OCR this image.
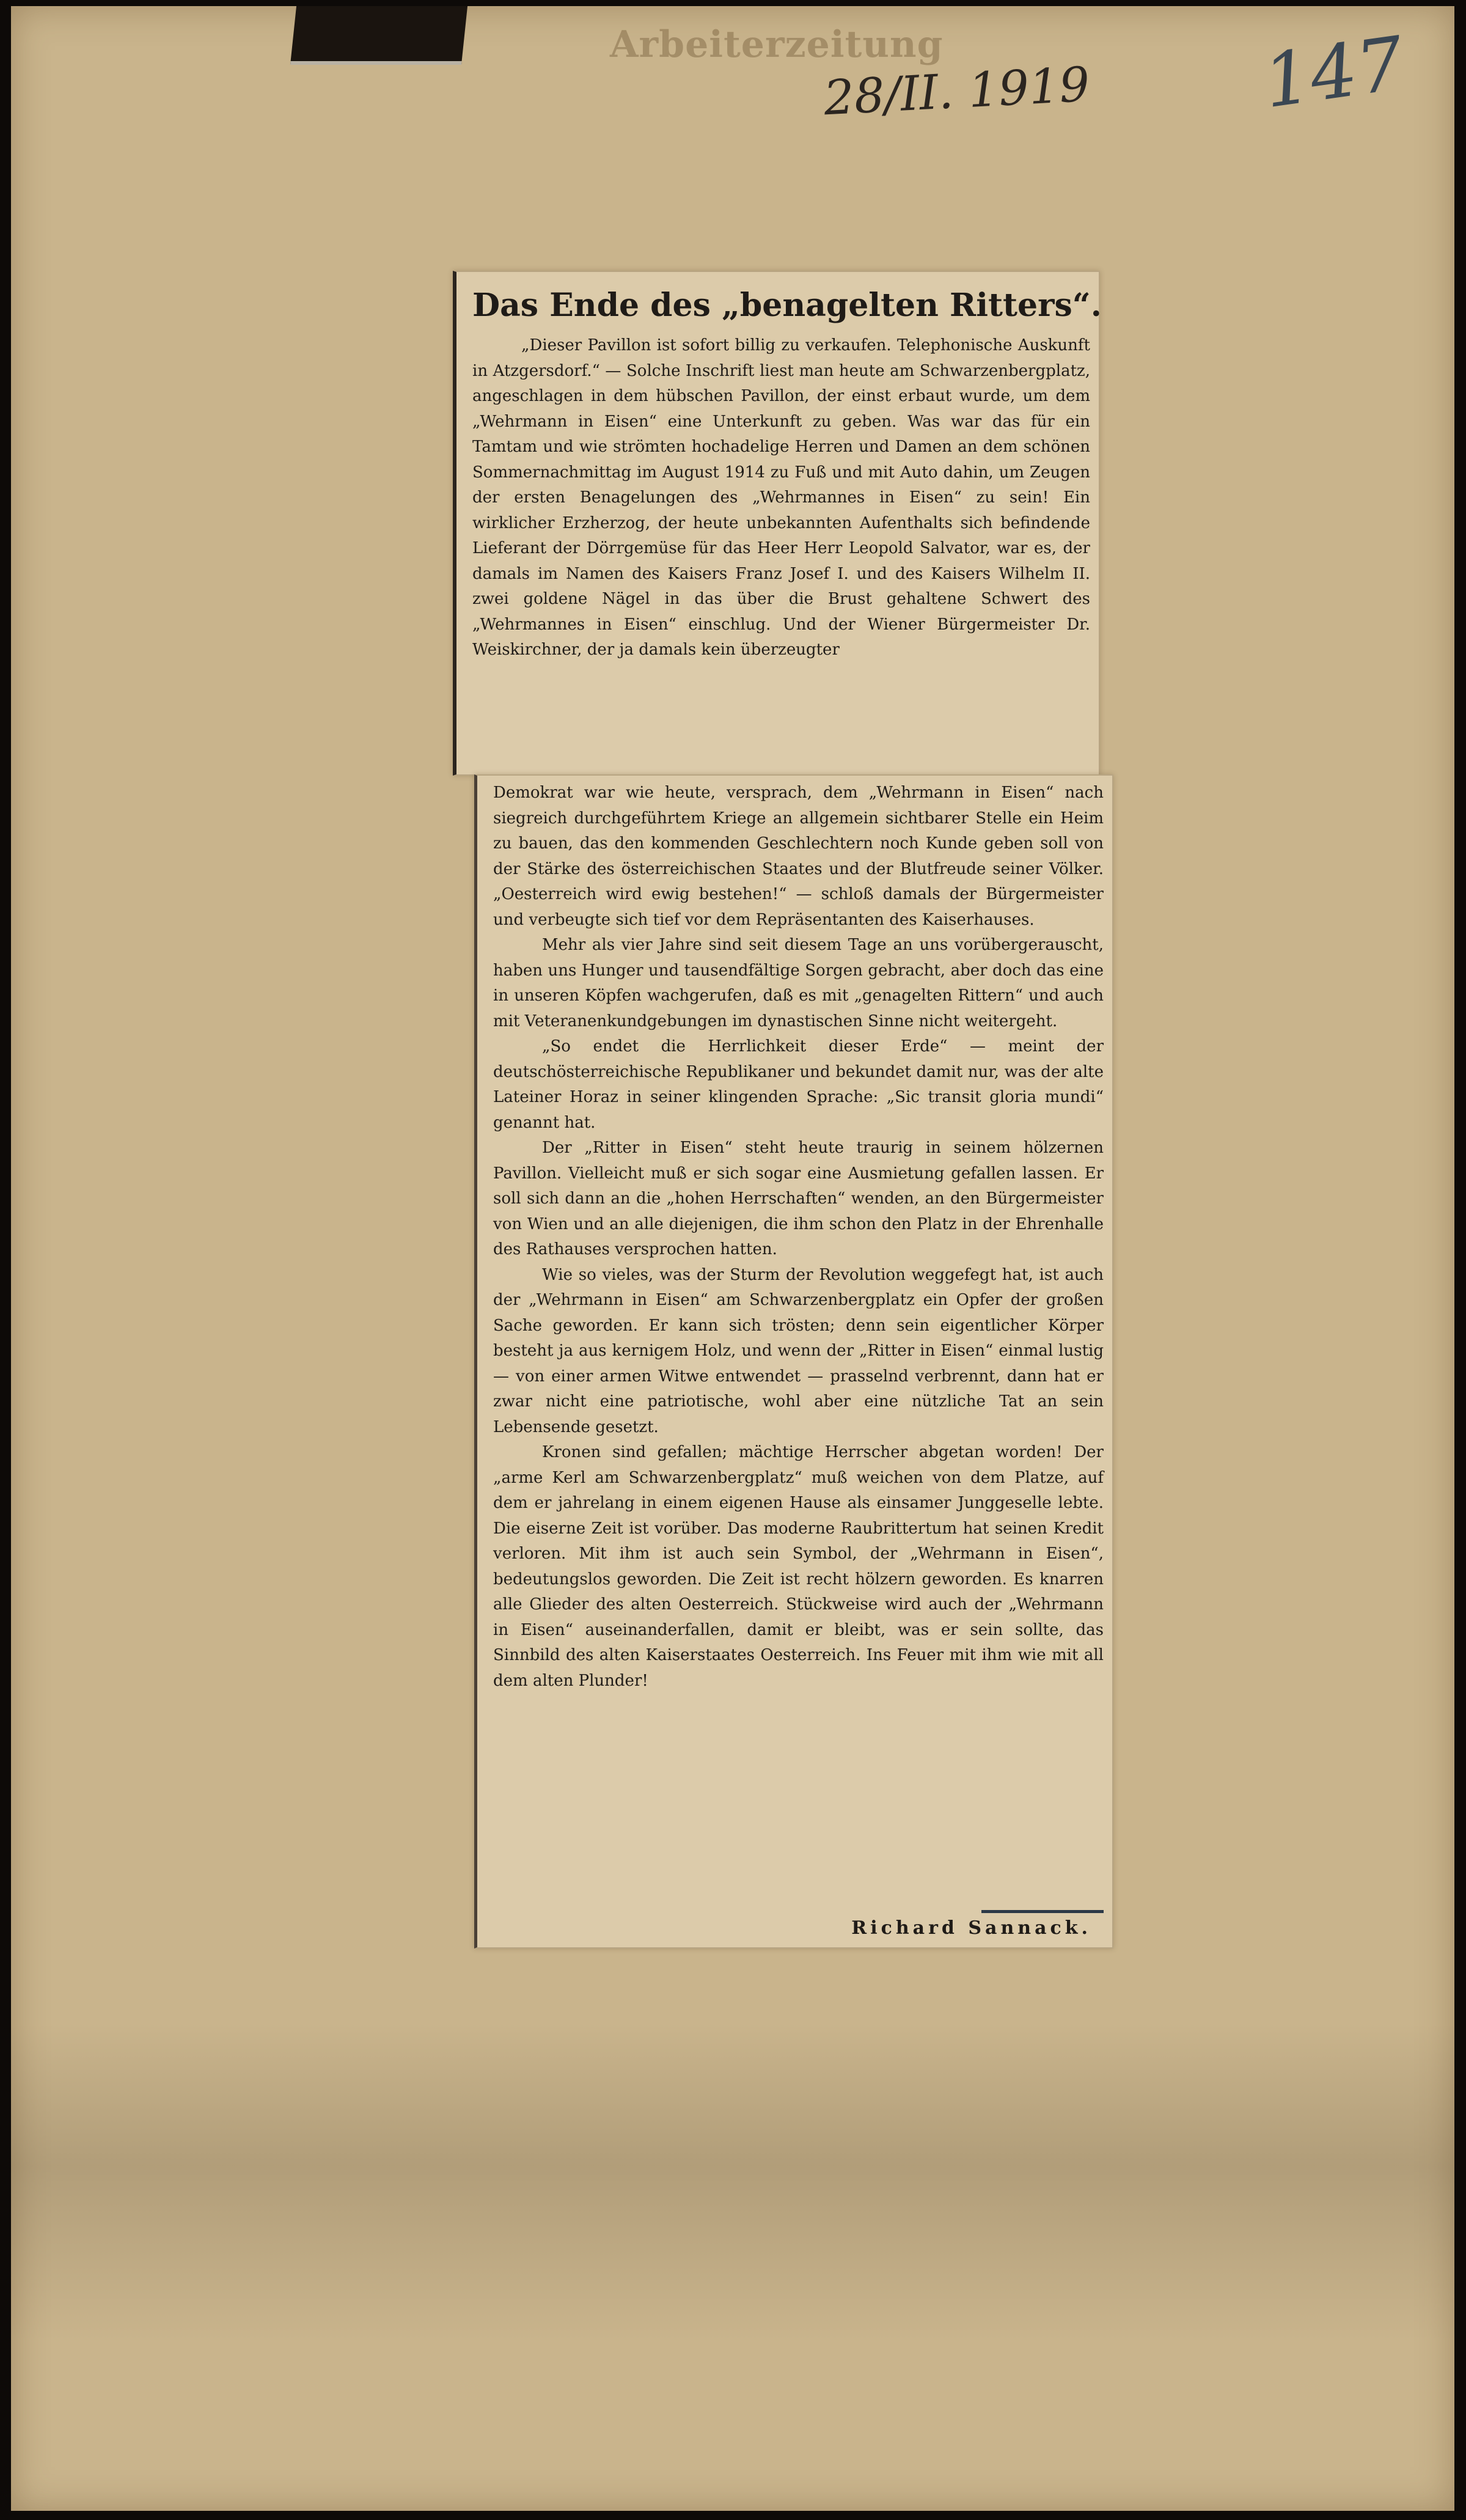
Arbeiterzeitung
28/II. 1919 147
Das Ende des „benagelten Ritters“.

„Dieser Pavillon ist sofort billig zu verkaufen. Telephonische Auskunft in Atzgersdorf.“ — Solche Inschrift liest man heute am Schwarzenbergplatz, angeschlagen in dem hübschen Pavillon, der einst erbaut wurde, um dem „Wehrmann in Eisen“ eine Unterkunft zu geben. Was war das für ein Tamtam und wie strömten hochadelige Herren und Damen an dem schönen Sommernachmittag im August 1914 zu Fuß und mit Auto dahin, um Zeugen der ersten Benagelungen des „Wehrmannes in Eisen“ zu sein! Ein wirklicher Erzherzog, der heute unbekannten Aufenthalts sich befindende Lieferant der Dörrgemüse für das Heer Herr Leopold Salvator, war es, der damals im Namen des Kaisers Franz Josef I. und des Kaisers Wilhelm II. zwei goldene Nägel in das über die Brust gehaltene Schwert des „Wehrmannes in Eisen“ einschlug. Und der Wiener Bürgermeister Dr. Weiskirchner, der ja damals kein überzeugter

Demokrat war wie heute, versprach, dem „Wehrmann in Eisen“ nach siegreich durchgeführtem Kriege an allgemein sichtbarer Stelle ein Heim zu bauen, das den kommenden Geschlechtern noch Kunde geben soll von der Stärke des österreichischen Staates und der Blutfreude seiner Völker. „Oesterreich wird ewig bestehen!“ — schloß damals der Bürgermeister und verbeugte sich tief vor dem Repräsentanten des Kaiserhauses.

Mehr als vier Jahre sind seit diesem Tage an uns vorübergerauscht, haben uns Hunger und tausendfältige Sorgen gebracht, aber doch das eine in unseren Köpfen wachgerufen, daß es mit „genagelten Rittern“ und auch mit Veteranenkundgebungen im dynastischen Sinne nicht weitergeht.

„So endet die Herrlichkeit dieser Erde“ — meint der deutschösterreichische Republikaner und bekundet damit nur, was der alte Lateiner Horaz in seiner klingenden Sprache: „Sic transit gloria mundi“ genannt hat.

Der „Ritter in Eisen“ steht heute traurig in seinem hölzernen Pavillon. Vielleicht muß er sich sogar eine Ausmietung gefallen lassen. Er soll sich dann an die „hohen Herrschaften“ wenden, an den Bürgermeister von Wien und an alle diejenigen, die ihm schon den Platz in der Ehrenhalle des Rathauses versprochen hatten.

Wie so vieles, was der Sturm der Revolution weggefegt hat, ist auch der „Wehrmann in Eisen“ am Schwarzenbergplatz ein Opfer der großen Sache geworden. Er kann sich trösten; denn sein eigentlicher Körper besteht ja aus kernigem Holz, und wenn der „Ritter in Eisen“ einmal lustig — von einer armen Witwe entwendet — prasselnd verbrennt, dann hat er zwar nicht eine patriotische, wohl aber eine nützliche Tat an sein Lebensende gesetzt.

Kronen sind gefallen; mächtige Herrscher abgetan worden! Der „arme Kerl am Schwarzenbergplatz“ muß weichen von dem Platze, auf dem er jahrelang in einem eigenen Hause als einsamer Junggeselle lebte. Die eiserne Zeit ist vorüber. Das moderne Raubrittertum hat seinen Kredit verloren. Mit ihm ist auch sein Symbol, der „Wehrmann in Eisen“, bedeutungslos geworden. Die Zeit ist recht hölzern geworden. Es knarren alle Glieder des alten Oesterreich. Stückweise wird auch der „Wehrmann in Eisen“ auseinanderfallen, damit er bleibt, was er sein sollte, das Sinnbild des alten Kaiserstaates Oesterreich. Ins Feuer mit ihm wie mit all dem alten Plunder!

Richard Sannack.
